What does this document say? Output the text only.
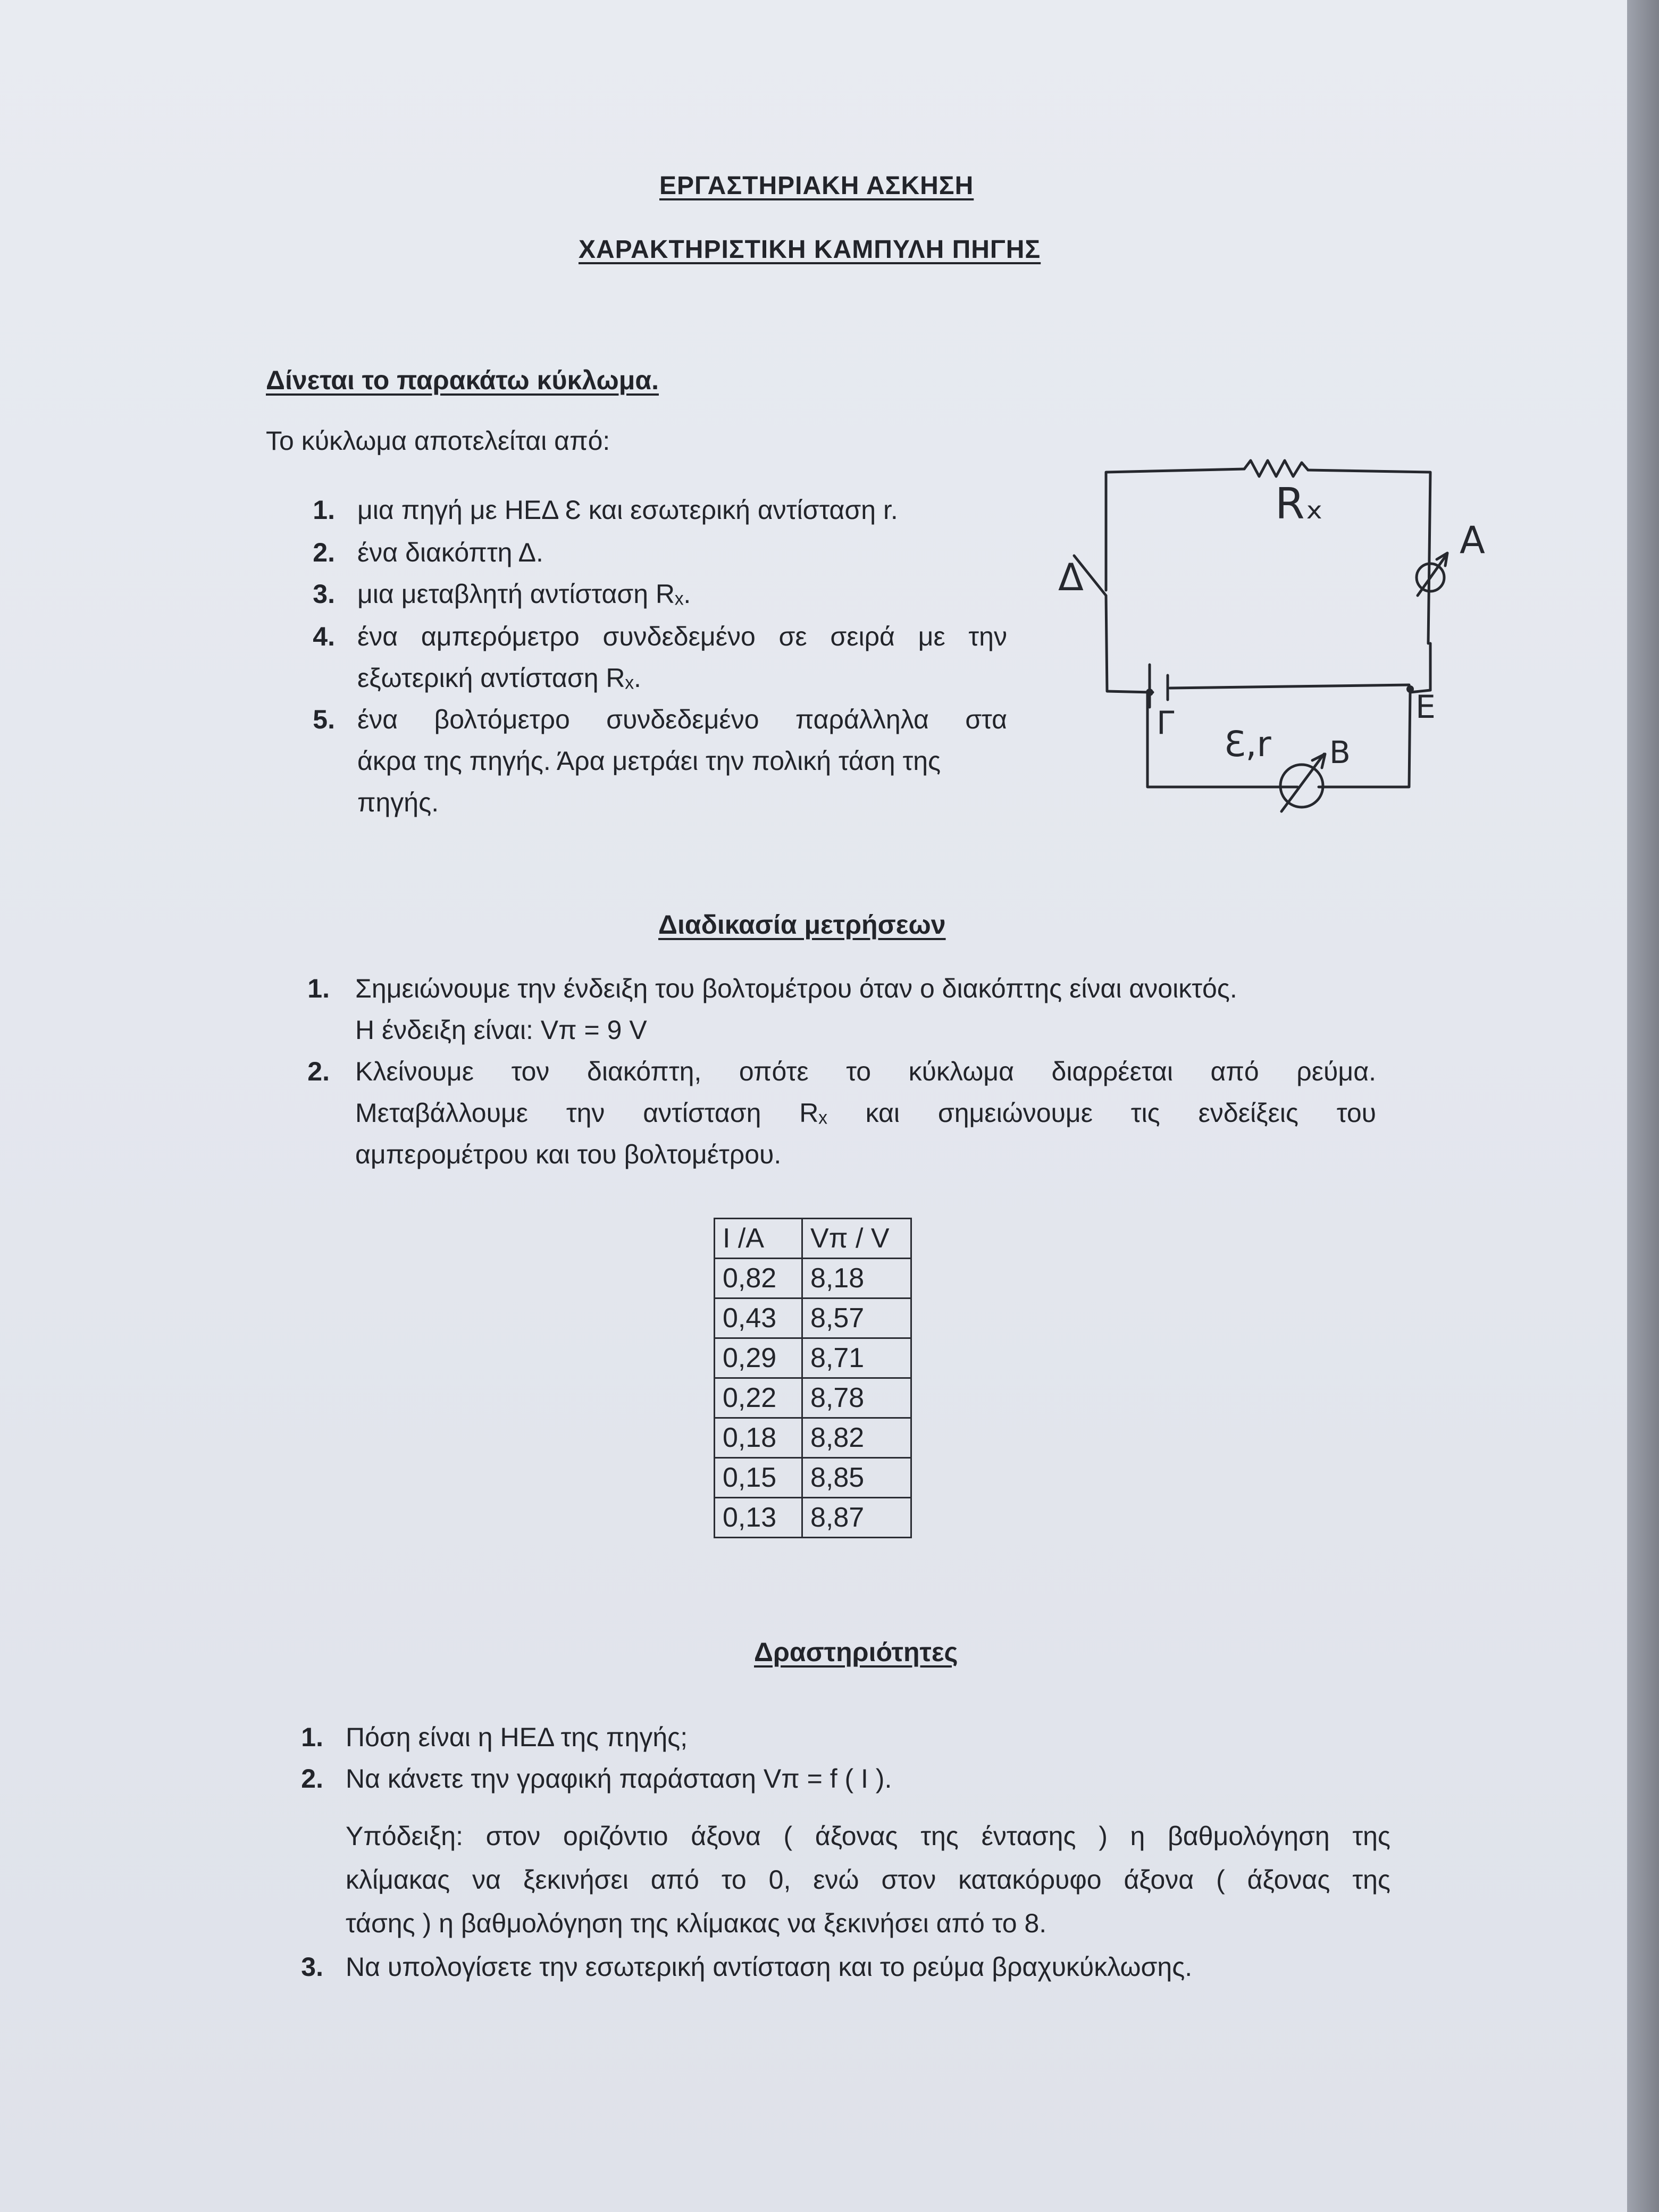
ΕΡΓΑΣΤΗΡΙΑΚΗ ΑΣΚΗΣΗ
ΧΑΡΑΚΤΗΡΙΣΤΙΚΗ ΚΑΜΠΥΛΗ ΠΗΓΗΣ
Δίνεται το παρακάτω κύκλωμα.
Το κύκλωμα αποτελείται από:
1. μια πηγή με ΗΕΔ Ɛ και εσωτερική αντίσταση r.
2. ένα διακόπτη Δ.
3. μια μεταβλητή αντίσταση Rₓ.
4. ένα αμπερόμετρο συνδεδεμένο σε σειρά με την
εξωτερική αντίσταση Rₓ.
5. ένα βολτόμετρο συνδεδεμένο παράλληλα στα
άκρα της πηγής. Άρα μετράει την πολική τάση της
πηγής.
Rₓ
A
Δ
Γ	E
Ɛ,r B
Διαδικασία μετρήσεων
1. Σημειώνουμε την ένδειξη του βολτομέτρου όταν ο διακόπτης είναι ανοικτός.
Η ένδειξη είναι: Vπ = 9 V
2. Κλείνουμε τον διακόπτη, οπότε το κύκλωμα διαρρέεται από ρεύμα.
Μεταβάλλουμε την αντίσταση Rₓ και σημειώνουμε τις ενδείξεις του
αμπερομέτρου και του βολτομέτρου.
I /A	Vπ / V
0,82	8,18
0,43	8,57
0,29	8,71
0,22	8,78
0,18	8,82
0,15	8,85
0,13	8,87
Δραστηριότητες
1. Πόση είναι η ΗΕΔ της πηγής;
2. Να κάνετε την γραφική παράσταση Vπ = f ( I ).
Υπόδειξη: στον οριζόντιο άξονα ( άξονας της έντασης ) η βαθμολόγηση της
κλίμακας να ξεκινήσει από το 0, ενώ στον κατακόρυφο άξονα ( άξονας της
τάσης ) η βαθμολόγηση της κλίμακας να ξεκινήσει από το 8.
3. Να υπολογίσετε την εσωτερική αντίσταση και το ρεύμα βραχυκύκλωσης.
